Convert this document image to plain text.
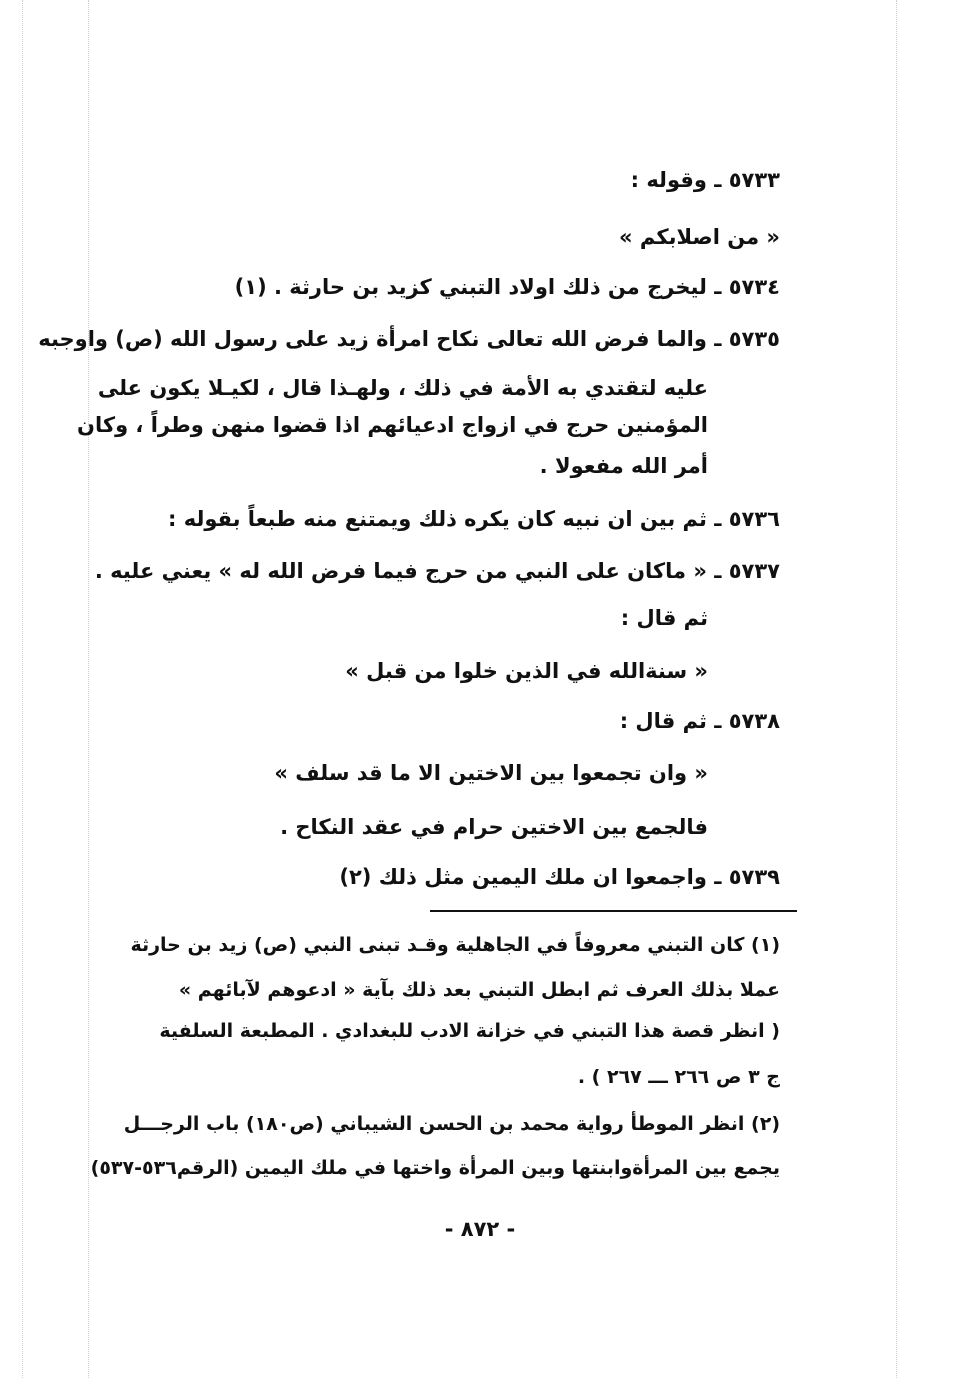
٥٧٣٣ ـ وقوله :
« من اصلابكم »
٥٧٣٤ ـ ليخرج من ذلك اولاد التبني كزيد بن حارثة . (١)
٥٧٣٥ ـ والما فرض الله تعالى نكاح امرأة زيد على رسول الله (ص) واوجبه
عليه لتقتدي به الأمة في ذلك ، ولهـذا قال ، لكيـلا يكون على
المؤمنين حرج في ازواج ادعيائهم اذا قضوا منهن وطراً ، وكان
أمر الله مفعولا .
٥٧٣٦ ـ ثم بين ان نبيه كان يكره ذلك ويمتنع منه طبعاً بقوله :
٥٧٣٧ ـ « ماكان على النبي من حرج فيما فرض الله له » يعني عليه .
ثم قال :
« سنةالله في الذين خلوا من قبل »
٥٧٣٨ ـ ثم قال :
« وان تجمعوا بين الاختين الا ما قد سلف »
فالجمع بين الاختين حرام في عقد النكاح .
٥٧٣٩ ـ واجمعوا ان ملك اليمين مثل ذلك (٢)
(١) كان التبني معروفاً في الجاهلية وقـد تبنى النبي (ص) زيد بن حارثة
عملا بذلك العرف ثم ابطل التبني بعد ذلك بآية « ادعوهم لآبائهم »
( انظر قصة هذا التبني في خزانة الادب للبغدادي . المطبعة السلفية
ج ٣ ص ٢٦٦ ـــ ٢٦٧ ) .
(٢) انظر الموطأ رواية محمد بن الحسن الشيباني (ص١٨٠) باب الرجـــل
يجمع بين المرأةوابنتها وبين المرأة واختها في ملك اليمين (الرقم٥٣٦-٥٣٧)
- ٨٧٢ -
